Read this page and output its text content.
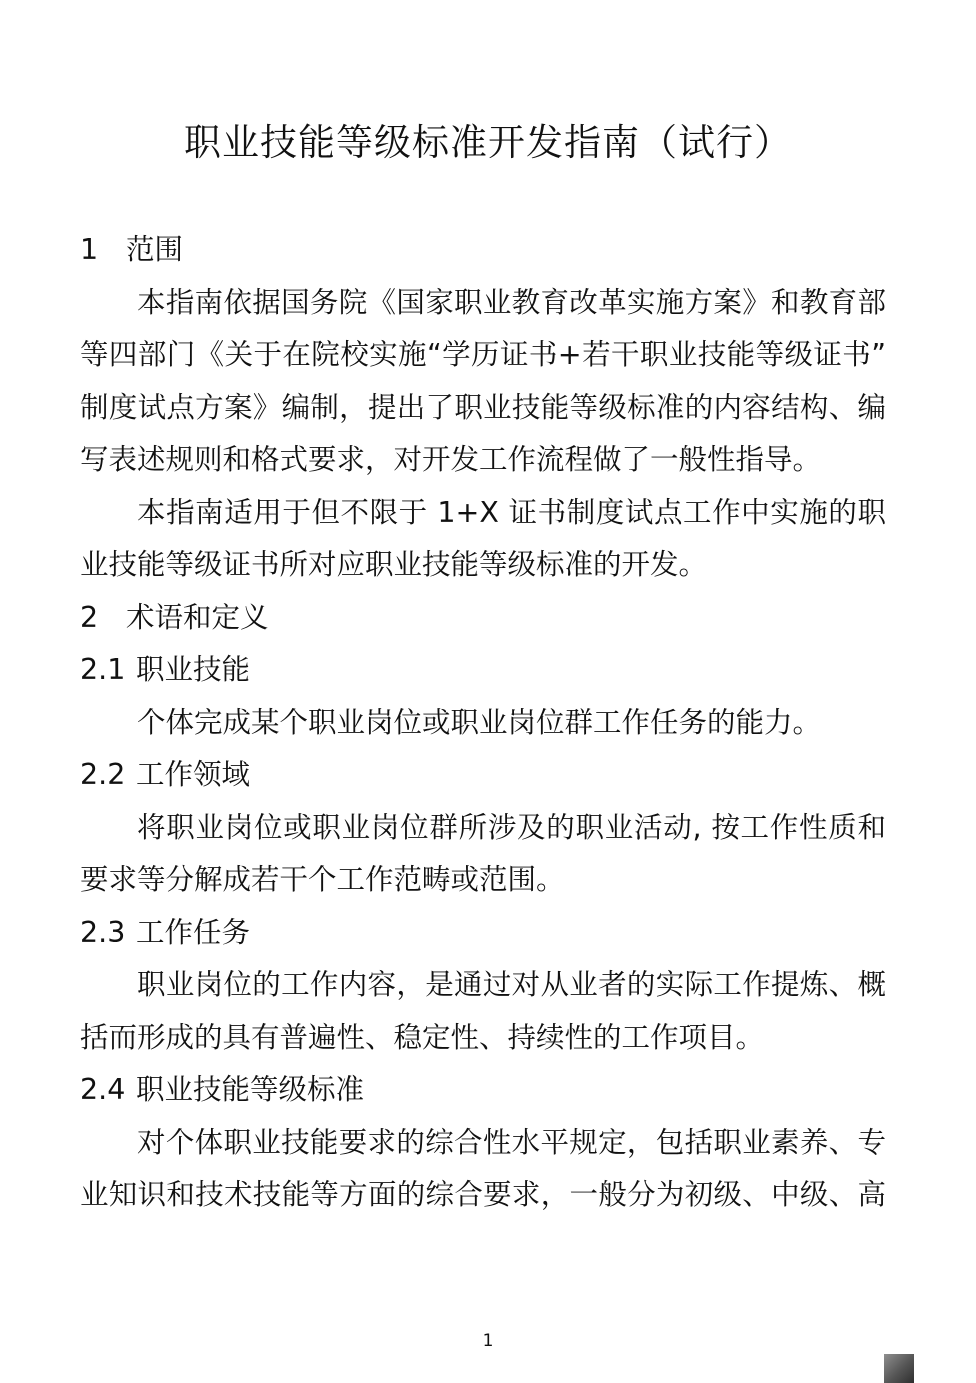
职业技能等级标准开发指南（试行）
1 范围

本指南依据国务院《国家职业教育改革实施方案》和教育部等四部门《关于在院校实施“学历证书+若干职业技能等级证书”制度试点方案》编制，提出了职业技能等级标准的内容结构、编写表述规则和格式要求，对开发工作流程做了一般性指导。

本指南适用于但不限于 1+X 证书制度试点工作中实施的职业技能等级证书所对应职业技能等级标准的开发。

2 术语和定义
2.1 职业技能

个体完成某个职业岗位或职业岗位群工作任务的能力。

2.2 工作领域

将职业岗位或职业岗位群所涉及的职业活动, 按工作性质和要求等分解成若干个工作范畴或范围。

2.3 工作任务

职业岗位的工作内容，是通过对从业者的实际工作提炼、概括而形成的具有普遍性、稳定性、持续性的工作项目。

2.4 职业技能等级标准

对个体职业技能要求的综合性水平规定，包括职业素养、专业知识和技术技能等方面的综合要求，一般分为初级、中级、高

1
